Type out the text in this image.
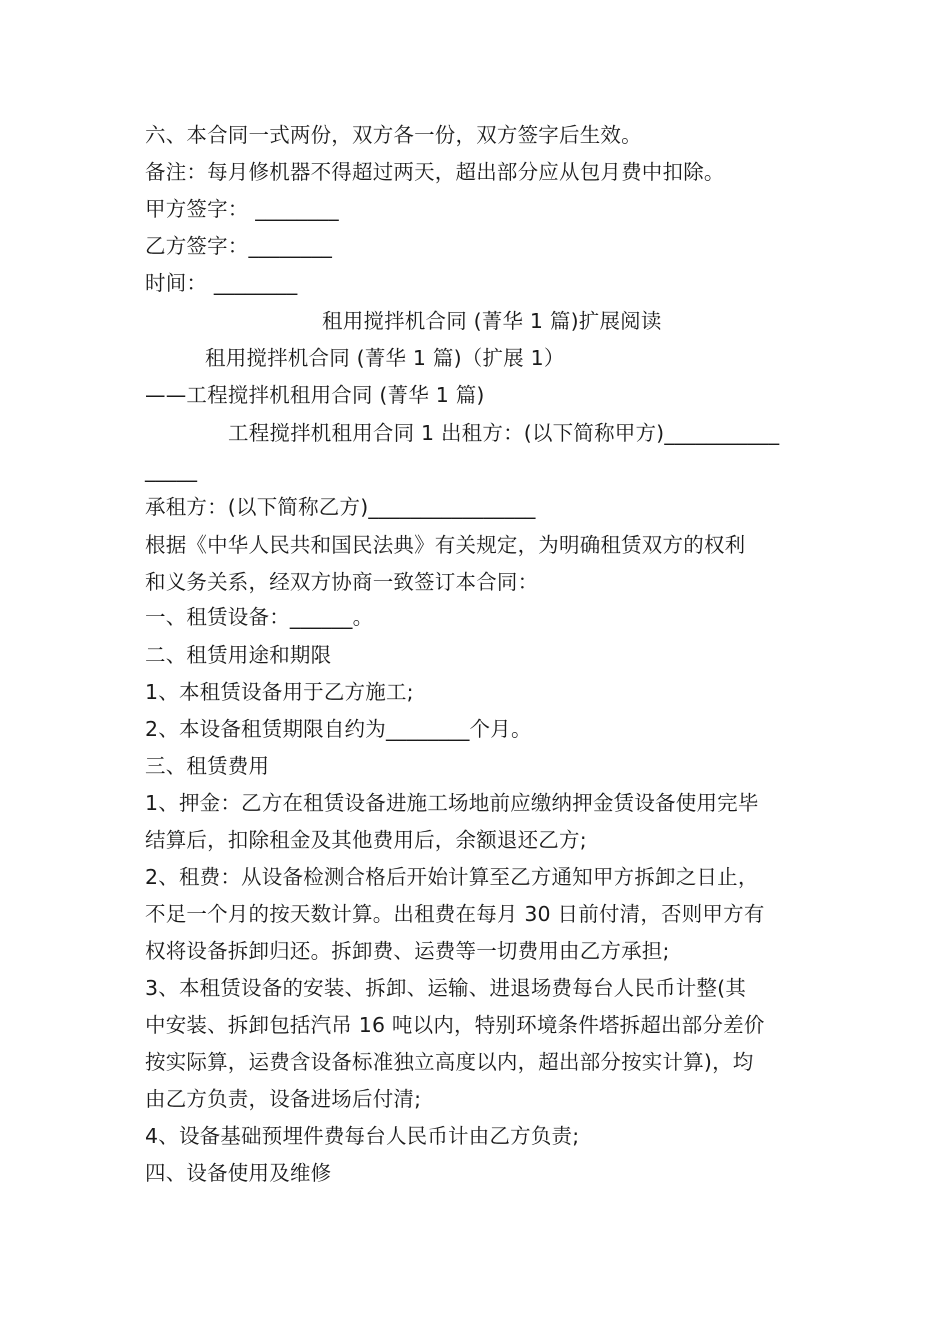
六、本合同一式两份，双方各一份，双方签字后生效。
备注：每月修机器不得超过两天，超出部分应从包月费中扣除。
甲方签字： ________
乙方签字：________
时间： ________
租用搅拌机合同 (菁华 1 篇)扩展阅读
租用搅拌机合同 (菁华 1 篇)（扩展 1）
——工程搅拌机租用合同 (菁华 1 篇)
工程搅拌机租用合同 1 出租方：(以下简称甲方)___________
_____
承租方：(以下简称乙方)________________
根据《中华人民共和国民法典》有关规定，为明确租赁双方的权利
和义务关系，经双方协商一致签订本合同：
一、租赁设备：______。
二、租赁用途和期限
1、本租赁设备用于乙方施工;
2、本设备租赁期限自约为________个月。
三、租赁费用
1、押金：乙方在租赁设备进施工场地前应缴纳押金赁设备使用完毕
结算后，扣除租金及其他费用后，余额退还乙方;
2、租费：从设备检测合格后开始计算至乙方通知甲方拆卸之日止，
不足一个月的按天数计算。出租费在每月 30 日前付清，否则甲方有
权将设备拆卸归还。拆卸费、运费等一切费用由乙方承担;
3、本租赁设备的安装、拆卸、运输、进退场费每台人民币计整(其
中安装、拆卸包括汽吊 16 吨以内，特别环境条件塔拆超出部分差价
按实际算，运费含设备标准独立高度以内，超出部分按实计算)，均
由乙方负责，设备进场后付清;
4、设备基础预埋件费每台人民币计由乙方负责;
四、设备使用及维修
